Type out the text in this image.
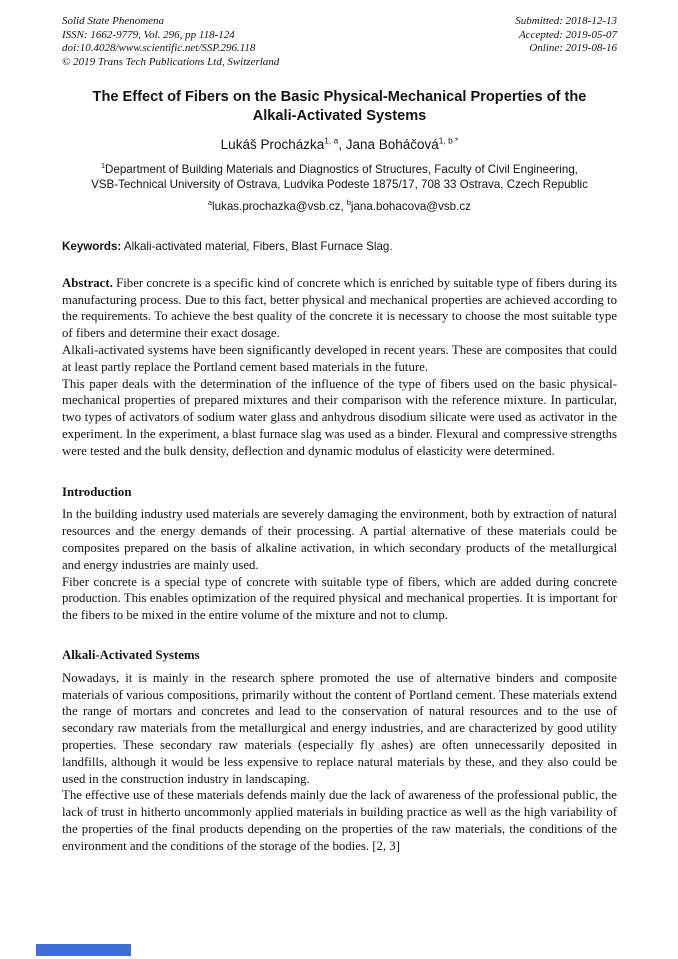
Solid State Phenomena
ISSN: 1662-9779, Vol. 296, pp 118-124
doi:10.4028/www.scientific.net/SSP.296.118
© 2019 Trans Tech Publications Ltd, Switzerland
Submitted: 2018-12-13
Accepted: 2019-05-07
Online: 2019-08-16
The Effect of Fibers on the Basic Physical-Mechanical Properties of the
Alkali-Activated Systems
Lukáš Procházka$^{1, a}$, Jana Boháčová$^{1, b *}$
$^1$Department of Building Materials and Diagnostics of Structures, Faculty of Civil Engineering,
VSB-Technical University of Ostrava, Ludvika Podeste 1875/17, 708 33 Ostrava, Czech Republic
$^a$lukas.prochazka@vsb.cz, $^b$jana.bohacova@vsb.cz
Keywords: Alkali-activated material, Fibers, Blast Furnace Slag.

Abstract. Fiber concrete is a specific kind of concrete which is enriched by suitable type of fibers during its manufacturing process. Due to this fact, better physical and mechanical properties are achieved according to the requirements. To achieve the best quality of the concrete it is necessary to choose the most suitable type of fibers and determine their exact dosage.

Alkali-activated systems have been significantly developed in recent years. These are composites that could at least partly replace the Portland cement based materials in the future.

This paper deals with the determination of the influence of the type of fibers used on the basic physical-mechanical properties of prepared mixtures and their comparison with the reference mixture. In particular, two types of activators of sodium water glass and anhydrous disodium silicate were used as activator in the experiment. In the experiment, a blast furnace slag was used as a binder. Flexural and compressive strengths were tested and the bulk density, deflection and dynamic modulus of elasticity were determined.

Introduction

In the building industry used materials are severely damaging the environment, both by extraction of natural resources and the energy demands of their processing. A partial alternative of these materials could be composites prepared on the basis of alkaline activation, in which secondary products of the metallurgical and energy industries are mainly used.

Fiber concrete is a special type of concrete with suitable type of fibers, which are added during concrete production. This enables optimization of the required physical and mechanical properties. It is important for the fibers to be mixed in the entire volume of the mixture and not to clump.

Alkali-Activated Systems

Nowadays, it is mainly in the research sphere promoted the use of alternative binders and composite materials of various compositions, primarily without the content of Portland cement. These materials extend the range of mortars and concretes and lead to the conservation of natural resources and to the use of secondary raw materials from the metallurgical and energy industries, and are characterized by good utility properties. These secondary raw materials (especially fly ashes) are often unnecessarily deposited in landfills, although it would be less expensive to replace natural materials by these, and they also could be used in the construction industry in landscaping.

The effective use of these materials defends mainly due the lack of awareness of the professional public, the lack of trust in hitherto uncommonly applied materials in building practice as well as the high variability of the properties of the final products depending on the properties of the raw materials, the conditions of the environment and the conditions of the storage of the bodies. [2, 3]
